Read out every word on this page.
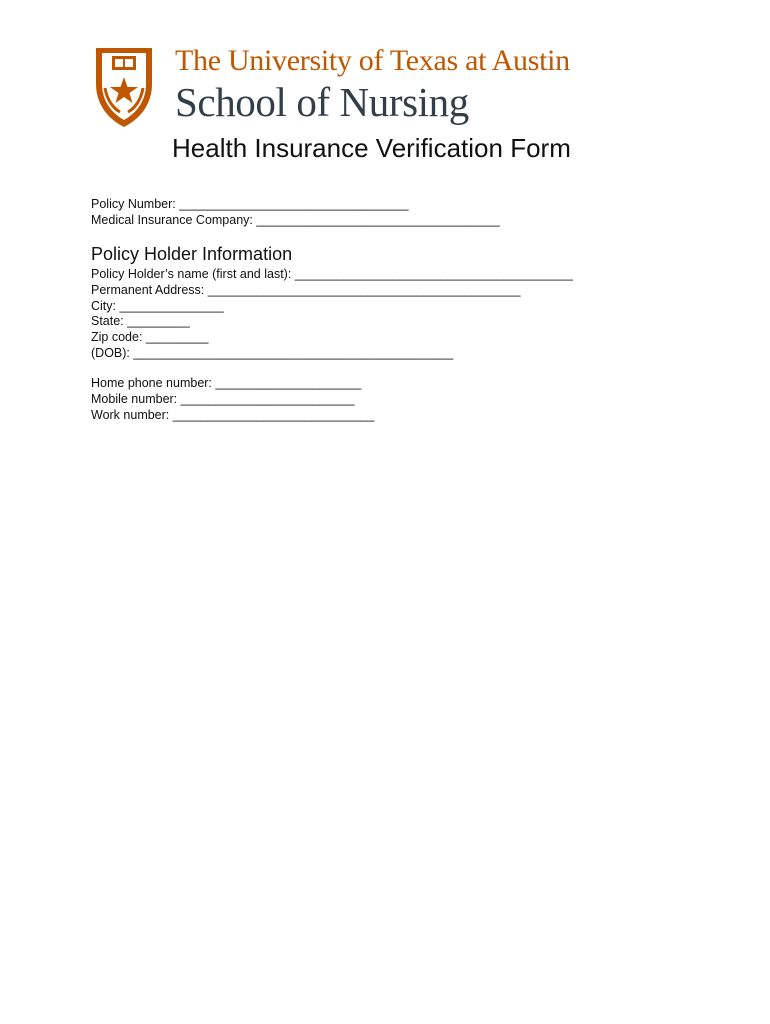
The University of Texas at Austin
School of Nursing
Health Insurance Verification Form
Policy Number: _________________________________
Medical Insurance Company: ___________________________________
Policy Holder Information
Policy Holder’s name (first and last): ________________________________________
Permanent Address: _____________________________________________
City: _______________
State: _________
Zip code: _________
(DOB): ______________________________________________
Home phone number: _____________________
Mobile number: _________________________
Work number: _____________________________
